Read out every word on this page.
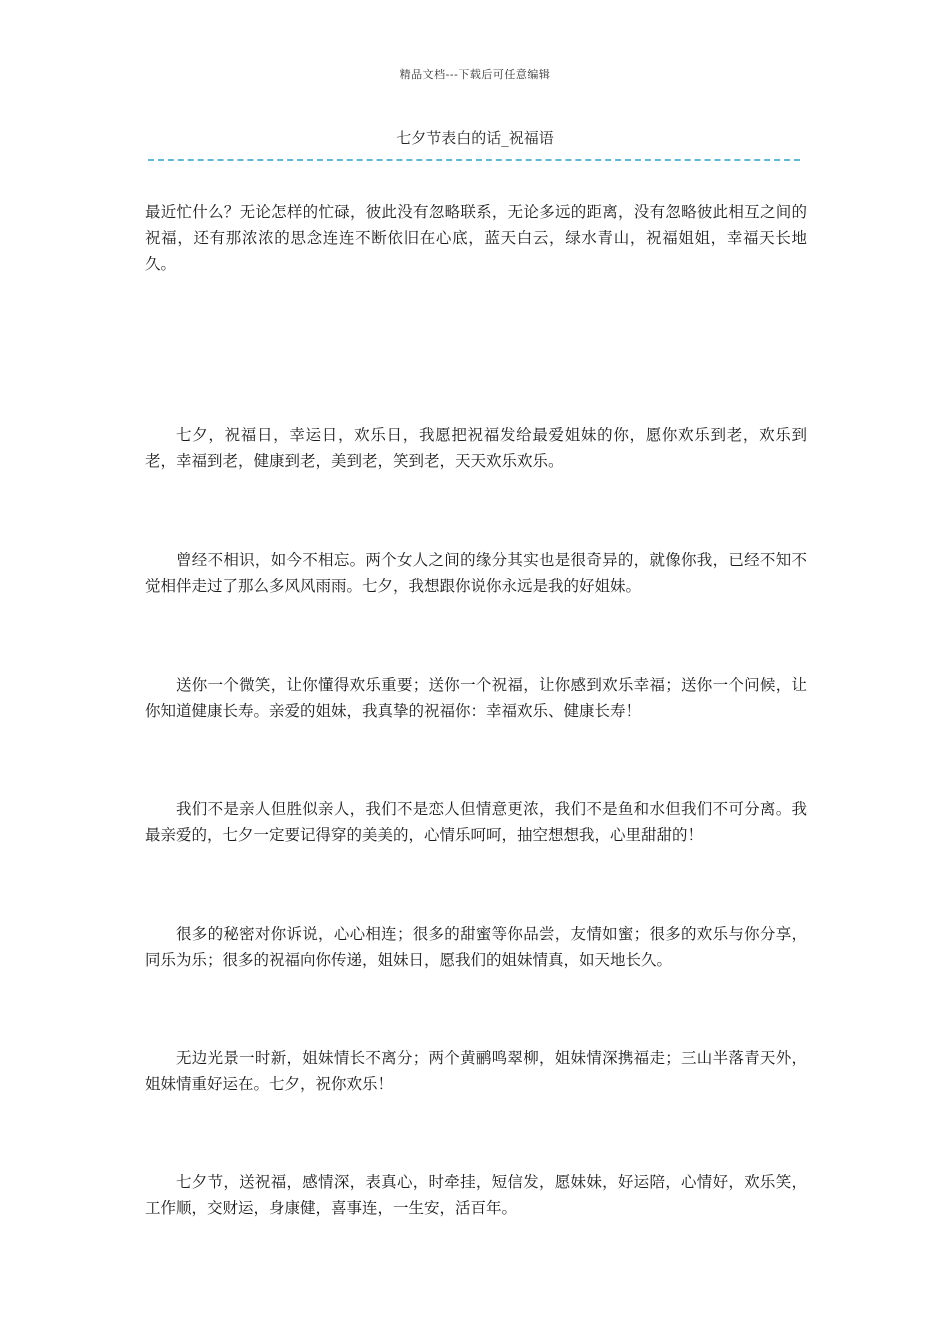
精品文档---下载后可任意编辑
七夕节表白的话_祝福语

最近忙什么？无论怎样的忙碌，彼此没有忽略联系，无论多远的距离，没有忽略彼此相互之间的祝福，还有那浓浓的思念连连不断依旧在心底，蓝天白云，绿水青山，祝福姐姐，幸福天长地久。

七夕，祝福日，幸运日，欢乐日，我愿把祝福发给最爱姐妹的你，愿你欢乐到老，欢乐到老，幸福到老，健康到老，美到老，笑到老，天天欢乐欢乐。

曾经不相识，如今不相忘。两个女人之间的缘分其实也是很奇异的，就像你我，已经不知不觉相伴走过了那么多风风雨雨。七夕，我想跟你说你永远是我的好姐妹。

送你一个微笑，让你懂得欢乐重要；送你一个祝福，让你感到欢乐幸福；送你一个问候，让你知道健康长寿。亲爱的姐妹，我真挚的祝福你：幸福欢乐、健康长寿！

我们不是亲人但胜似亲人，我们不是恋人但情意更浓，我们不是鱼和水但我们不可分离。我最亲爱的，七夕一定要记得穿的美美的，心情乐呵呵，抽空想想我，心里甜甜的！

很多的秘密对你诉说，心心相连；很多的甜蜜等你品尝，友情如蜜；很多的欢乐与你分享，同乐为乐；很多的祝福向你传递，姐妹日，愿我们的姐妹情真，如天地长久。

无边光景一时新，姐妹情长不离分；两个黄鹂鸣翠柳，姐妹情深携福走；三山半落青天外，姐妹情重好运在。七夕，祝你欢乐！

七夕节，送祝福，感情深，表真心，时牵挂，短信发，愿妹妹，好运陪，心情好，欢乐笑，工作顺，交财运，身康健，喜事连，一生安，活百年。
